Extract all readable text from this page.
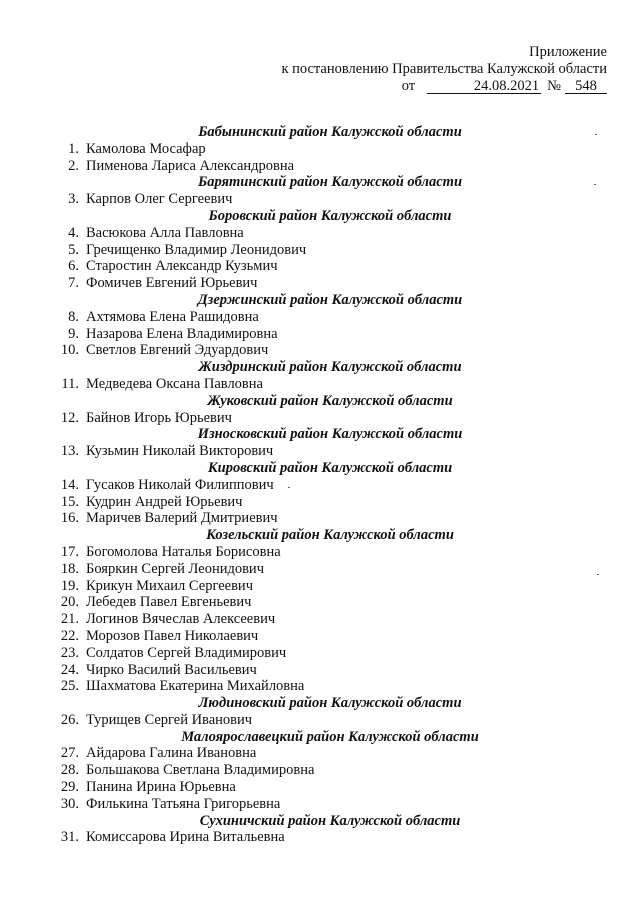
Приложение
к постановлению Правительства Калужской области
от	24.08.2021 № 548
Бабынинский район Калужской области
1. Камолова Мосафар
2. Пименова Лариса Александровна
Барятинский район Калужской области
3. Карпов Олег Сергеевич
Боровский район Калужской области
4. Васюкова Алла Павловна
5. Гречищенко Владимир Леонидович
6. Старостин Александр Кузьмич
7. Фомичев Евгений Юрьевич
Дзержинский район Калужской области
8. Ахтямова Елена Рашидовна
9. Назарова Елена Владимировна
10. Светлов Евгений Эдуардович
Жиздринский район Калужской области
11. Медведева Оксана Павловна
Жуковский район Калужской области
12. Байнов Игорь Юрьевич
Износковский район Калужской области
13. Кузьмин Николай Викторович
Кировский район Калужской области
14. Гусаков Николай Филиппович
15. Кудрин Андрей Юрьевич
16. Маричев Валерий Дмитриевич
Козельский район Калужской области
17. Богомолова Наталья Борисовна
18. Бояркин Сергей Леонидович
19. Крикун Михаил Сергеевич
20. Лебедев Павел Евгеньевич
21. Логинов Вячеслав Алексеевич
22. Морозов Павел Николаевич
23. Солдатов Сергей Владимирович
24. Чирко Василий Васильевич
25. Шахматова Екатерина Михайловна
Людиновский район Калужской области
26. Турищев Сергей Иванович
Малоярославецкий район Калужской области
27. Айдарова Галина Ивановна
28. Большакова Светлана Владимировна
29. Панина Ирина Юрьевна
30. Филькина Татьяна Григорьевна
Сухиничский район Калужской области
31. Комиссарова Ирина Витальевна
